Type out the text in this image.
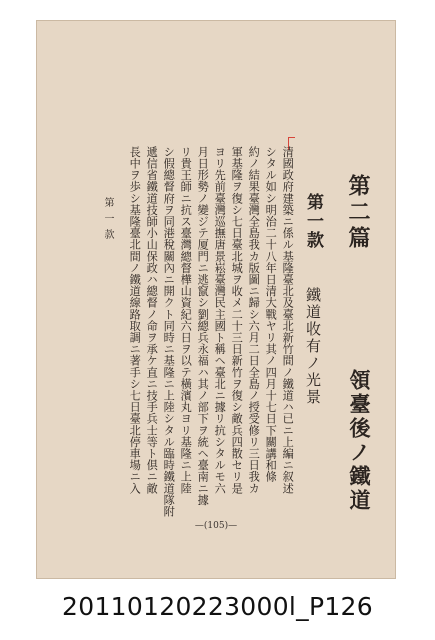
第二篇
領臺後ノ鐵道
第一款
鐵道收有ノ光景
清國政府建築ニ係ル基隆臺北及臺北新竹間ノ鐵道ハ已ニ上編ニ叙述
シタル如シ明治二十八年日清大戰ヤリ其ノ四月十七日下關講和條
約ノ結果臺灣全島我カ版圖ニ歸シ六月二日全島ノ授受修リ三日我カ
軍基隆ヲ復シ七日臺北城ヲ收メ二十三日新竹ヲ復シ敵兵四散セリ是
ヨリ先前臺灣巡撫唐景崧臺灣民主國ト稱ヘ臺北ニ據リ抗シタルモ六
月日形勢ノ變ジテ厦門ニ逃竄シ劉總兵永福ハ其ノ部下ヲ統ヘ臺南ニ據
リ貴王師ニ抗ス臺灣總督樺山資紀六日ヲ以テ橫濱丸ヨリ基隆ニ上陸
シ假總督府ヲ同港稅關內ニ開クト同時ニ基隆ニ上陸シタル臨時鐵道隊附
遞信省鐵道技師小山保政ハ總督ノ命ヲ承ケ直ニ技手兵士等ト倶ニ敵
長中ヲ歩シ基隆臺北間ノ鐵道線路取調ニ著手シ七日臺北停車場ニ入
第一款
—(105)—
20110120223000l_P126
